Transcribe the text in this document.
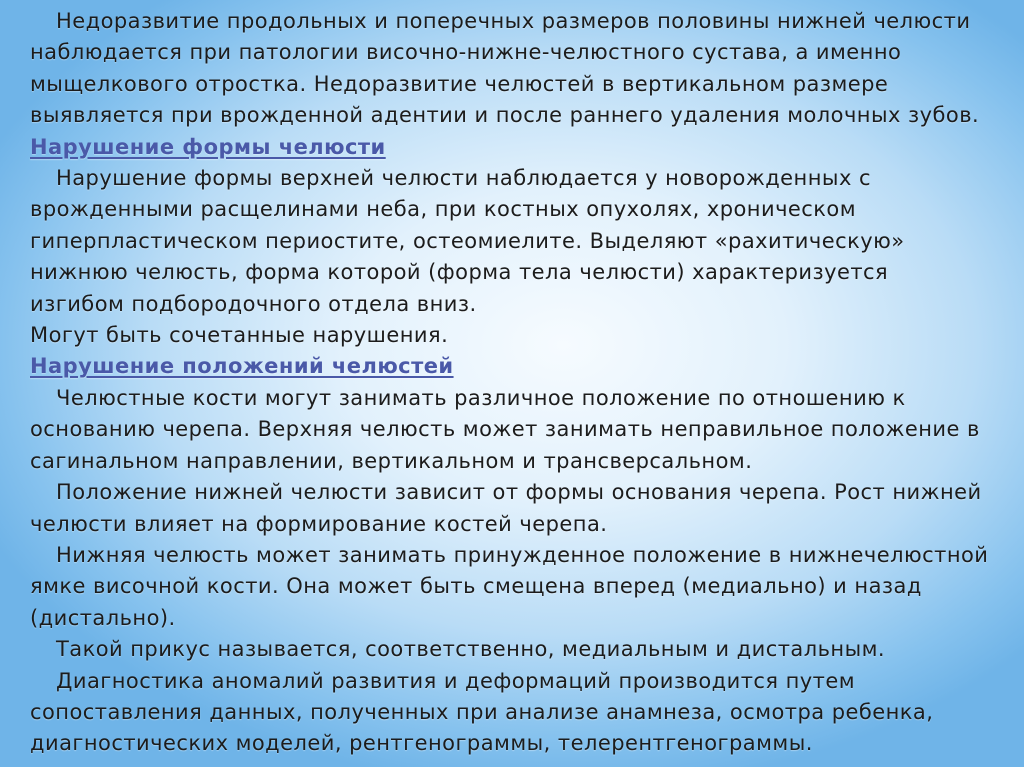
Недоразвитие продольных и поперечных размеров половины нижней челюсти
наблюдается при патологии височно-нижне-челюстного сустава, а именно
мыщелкового отростка. Недоразвитие челюстей в вертикальном размере
выявляется при врожденной адентии и после раннего удаления молочных зубов.
Нарушение формы челюсти
Нарушение формы верхней челюсти наблюдается у новорожденных с
врожденными расщелинами неба, при костных опухолях, хроническом
гиперпластическом периостите, остеомиелите. Выделяют «рахитическую»
нижнюю челюсть, форма которой (форма тела челюсти) характеризуется
изгибом подбородочного отдела вниз.
Могут быть сочетанные нарушения.
Нарушение положений челюстей
Челюстные кости могут занимать различное положение по отношению к
основанию черепа. Верхняя челюсть может занимать неправильное положение в
сагинальном направлении, вертикальном и трансверсальном.
Положение нижней челюсти зависит от формы основания черепа. Рост нижней
челюсти влияет на формирование костей черепа.
Нижняя челюсть может занимать принужденное положение в нижнечелюстной
ямке височной кости. Она может быть смещена вперед (медиально) и назад
(дистально).
Такой прикус называется, соответственно, медиальным и дистальным.
Диагностика аномалий развития и деформаций производится путем
сопоставления данных, полученных при анализе анамнеза, осмотра ребенка,
диагностических моделей, рентгенограммы, телерентгенограммы.
